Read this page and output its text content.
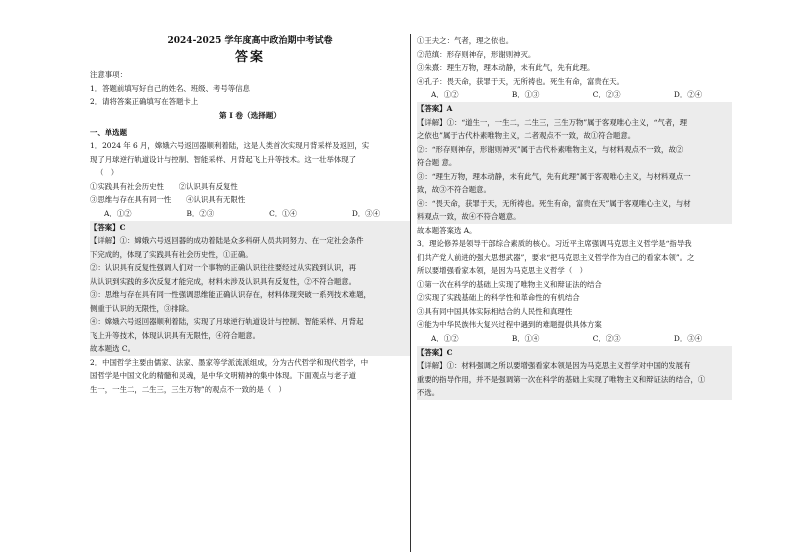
2024-2025 学年度高中政治期中考试卷
答案
注意事项：
1．答题前填写好自己的姓名、班级、考号等信息
2．请将答案正确填写在答题卡上
第 I 卷（选择题）
一、单选题
1．2024 年 6 月，嫦娥六号返回器顺利着陆，这是人类首次实现月背采样及返回，实
现了月球逆行轨道设计与控制、智能采样、月背起飞上升等技术。这一壮举体现了
（　）
①实践具有社会历史性　　②认识具有反复性
③思维与存在具有同一性　　④认识具有无限性
A．①②	B．②③	C．①④	D．③④
【答案】C
【详解】①：嫦娥六号返回器的成功着陆是众多科研人员共同努力、在一定社会条件
下完成的，体现了实践具有社会历史性，①正确。
②：认识具有反复性强调人们对一个事物的正确认识往往要经过从实践到认识，再
从认识到实践的多次反复才能完成，材料未涉及认识具有反复性，②不符合题意。
③：思维与存在具有同一性强调思维能正确认识存在，材料体现突破一系列技术难题，
侧重于认识的无限性，③排除。
④：嫦娥六号返回器顺利着陆，实现了月球逆行轨道设计与控制、智能采样、月背起
飞上升等技术，体现认识具有无限性，④符合题意。
故本题选 C。
2．中国哲学主要由儒家、法家、墨家等学派流派组成，分为古代哲学和现代哲学，中
国哲学是中国文化的精髓和灵魂，是中华文明精神的集中体现。下面观点与老子道
生一，一生二，二生三，三生万物”的观点不一致的是（　）
①王夫之：气者，理之依也。
②范缜：形存则神存，形谢则神灭。
③朱熹：理生万物，理本动静，未有此气，先有此理。
④孔子：畏天命，获罪于天，无所祷也。死生有命，富贵在天。
A．①②	B．①③	C．②③	D．②④
【答案】A
【详解】①：“道生一，一生二，二生三，三生万物”属于客观唯心主义，“气者，理
之依也”属于古代朴素唯物主义，二者观点不一致，故①符合题意。
②：“形存则神存，形谢则神灭”属于古代朴素唯物主义，与材料观点不一致，故②
符合题 意。
③：“理生万物，理本动静，未有此气，先有此理”属于客观唯心主义，与材料观点一
致，故③不符合题意。
④：“畏天命，获罪于天，无所祷也。死生有命，富贵在天”属于客观唯心主义，与材
料观点一致，故④不符合题意。
故本题答案选 A。
3．理论修养是领导干部综合素质的核心。习近平主席强调马克思主义哲学是“指导我
们共产党人前进的强大思想武器”，要求“把马克思主义哲学作为自己的看家本领”。之
所以要增强看家本领，是因为马克思主义哲学（　）
①第一次在科学的基础上实现了唯物主义和辩证法的结合
②实现了实践基础上的科学性和革命性的有机结合
③具有同中国具体实际相结合的人民性和真理性
④能为中华民族伟大复兴过程中遇到的难题提供具体方案
A．①②	B．①④	C．②③	D．③④
【答案】C
【详解】①：材料强调之所以要增强看家本领是因为马克思主义哲学对中国的发展有
重要的指导作用，并不是强调第一次在科学的基础上实现了唯物主义和辩证法的结合，①
不选。
